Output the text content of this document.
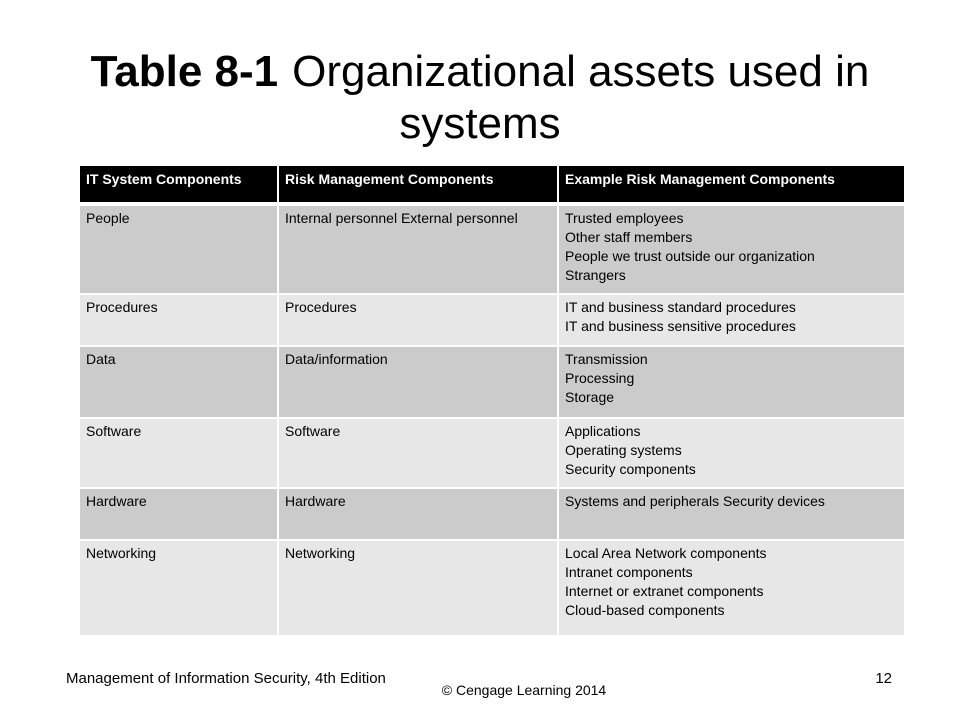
Table 8-1 Organizational assets used in systems
IT System Components	Risk Management Components	Example Risk Management Components
People	Internal personnel External personnel	Trusted employees
Other staff members
People we trust outside our organization
Strangers

Procedures	Procedures	IT and business standard procedures
IT and business sensitive procedures

Data	Data/information	Transmission
Processing
Storage

Software	Software	Applications
Operating systems
Security components

Hardware	Hardware	Systems and peripherals Security devices

Networking	Networking	Local Area Network components
Intranet components
Internet or extranet components
Cloud-based components
Management of Information Security, 4th Edition
© Cengage Learning 2014
12
